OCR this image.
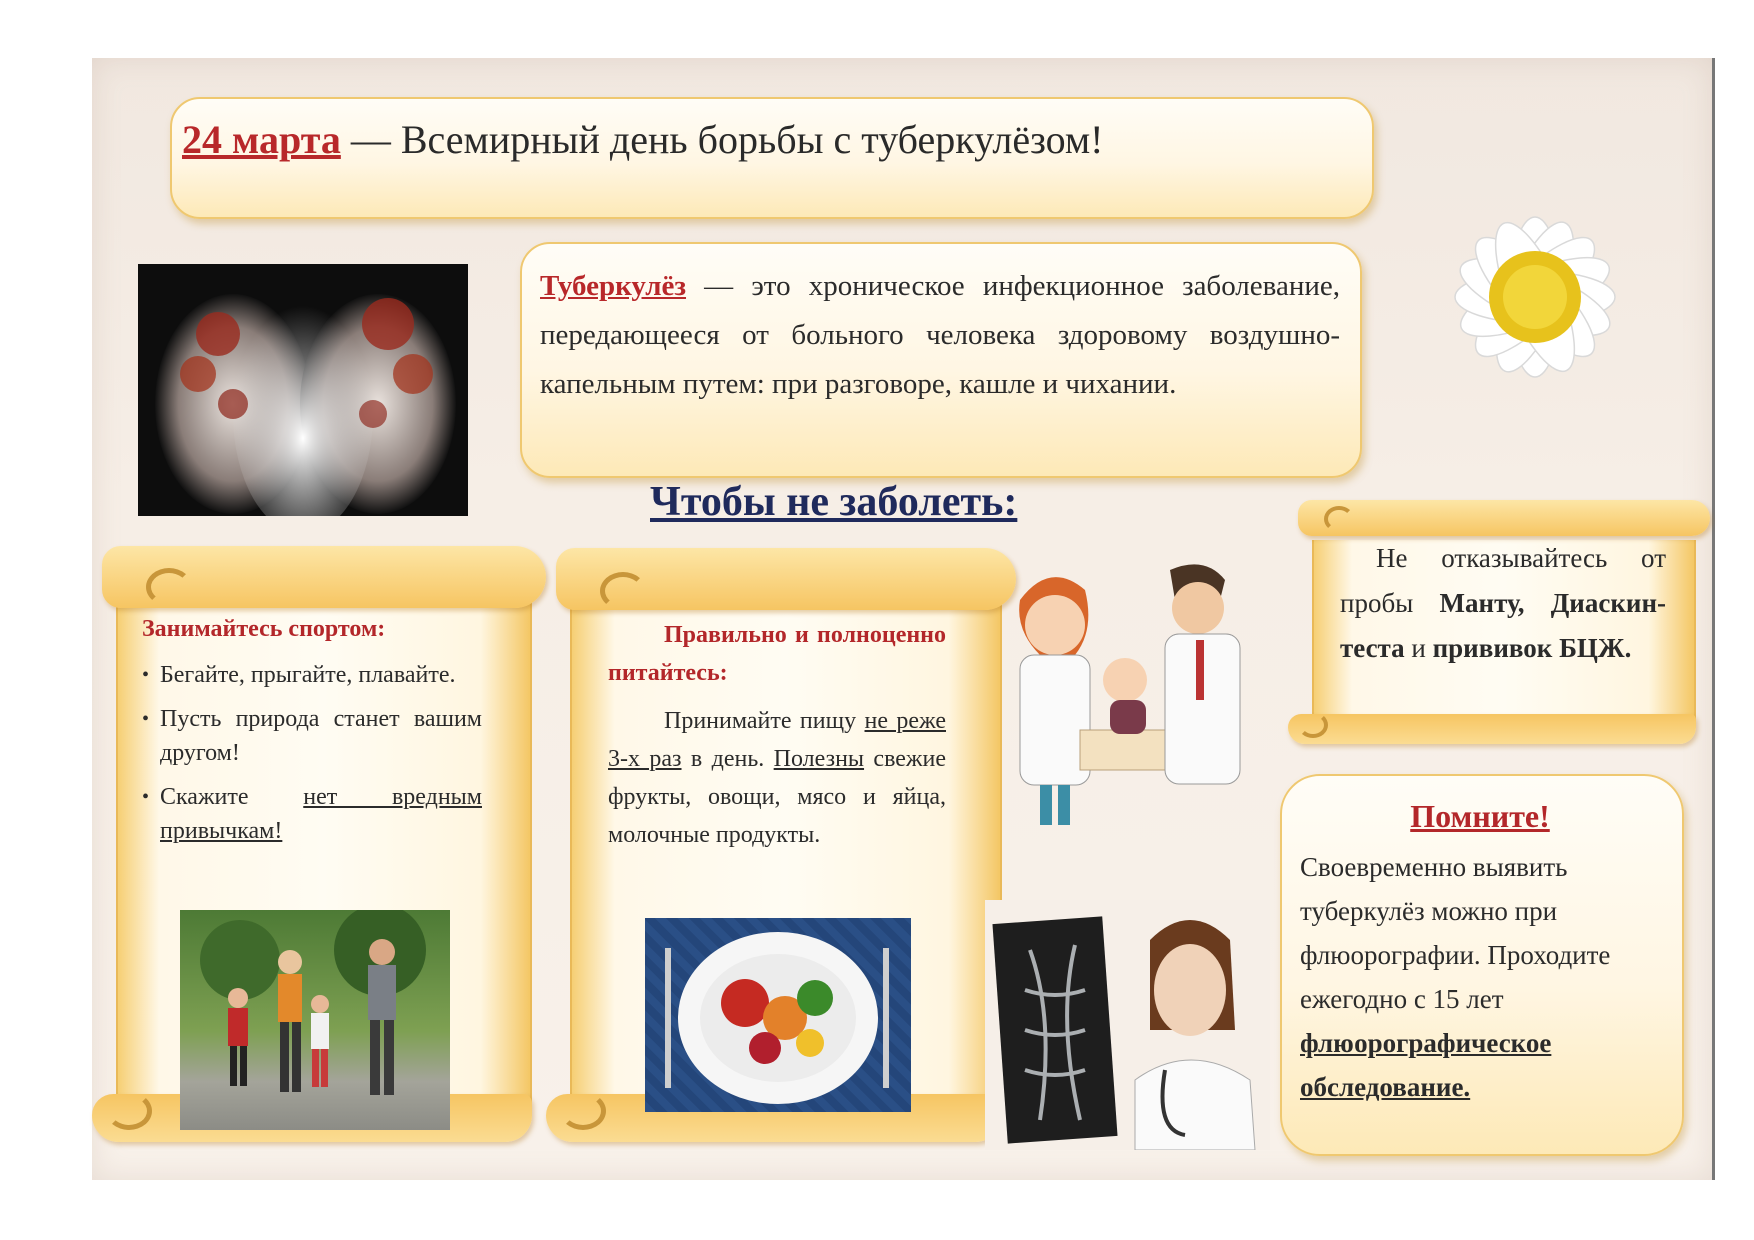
24 марта — Всемирный день борьбы с туберкулёзом!
Туберкулёз — это хроническое инфекционное заболевание, передающееся от больного человека здоровому воздушно-капельным путем: при разговоре, кашле и чихании.
Чтобы не заболеть:
Занимайтесь спортом:
• Бегайте, прыгайте, плавайте.
• Пусть природа станет вашим другом!
• Скажите нет вредным привычкам!
Правильно и полноценно питайтесь:
Принимайте пищу не реже 3-х раз в день. Полезны свежие фрукты, овощи, мясо и яйца, молочные продукты.
Не отказывайтесь от пробы Манту, Диаскин-теста и прививок БЦЖ.
Помните!
Своевременно выявить туберкулёз можно при флюорографии. Проходите ежегодно с 15 лет флюорографическое обследование.
